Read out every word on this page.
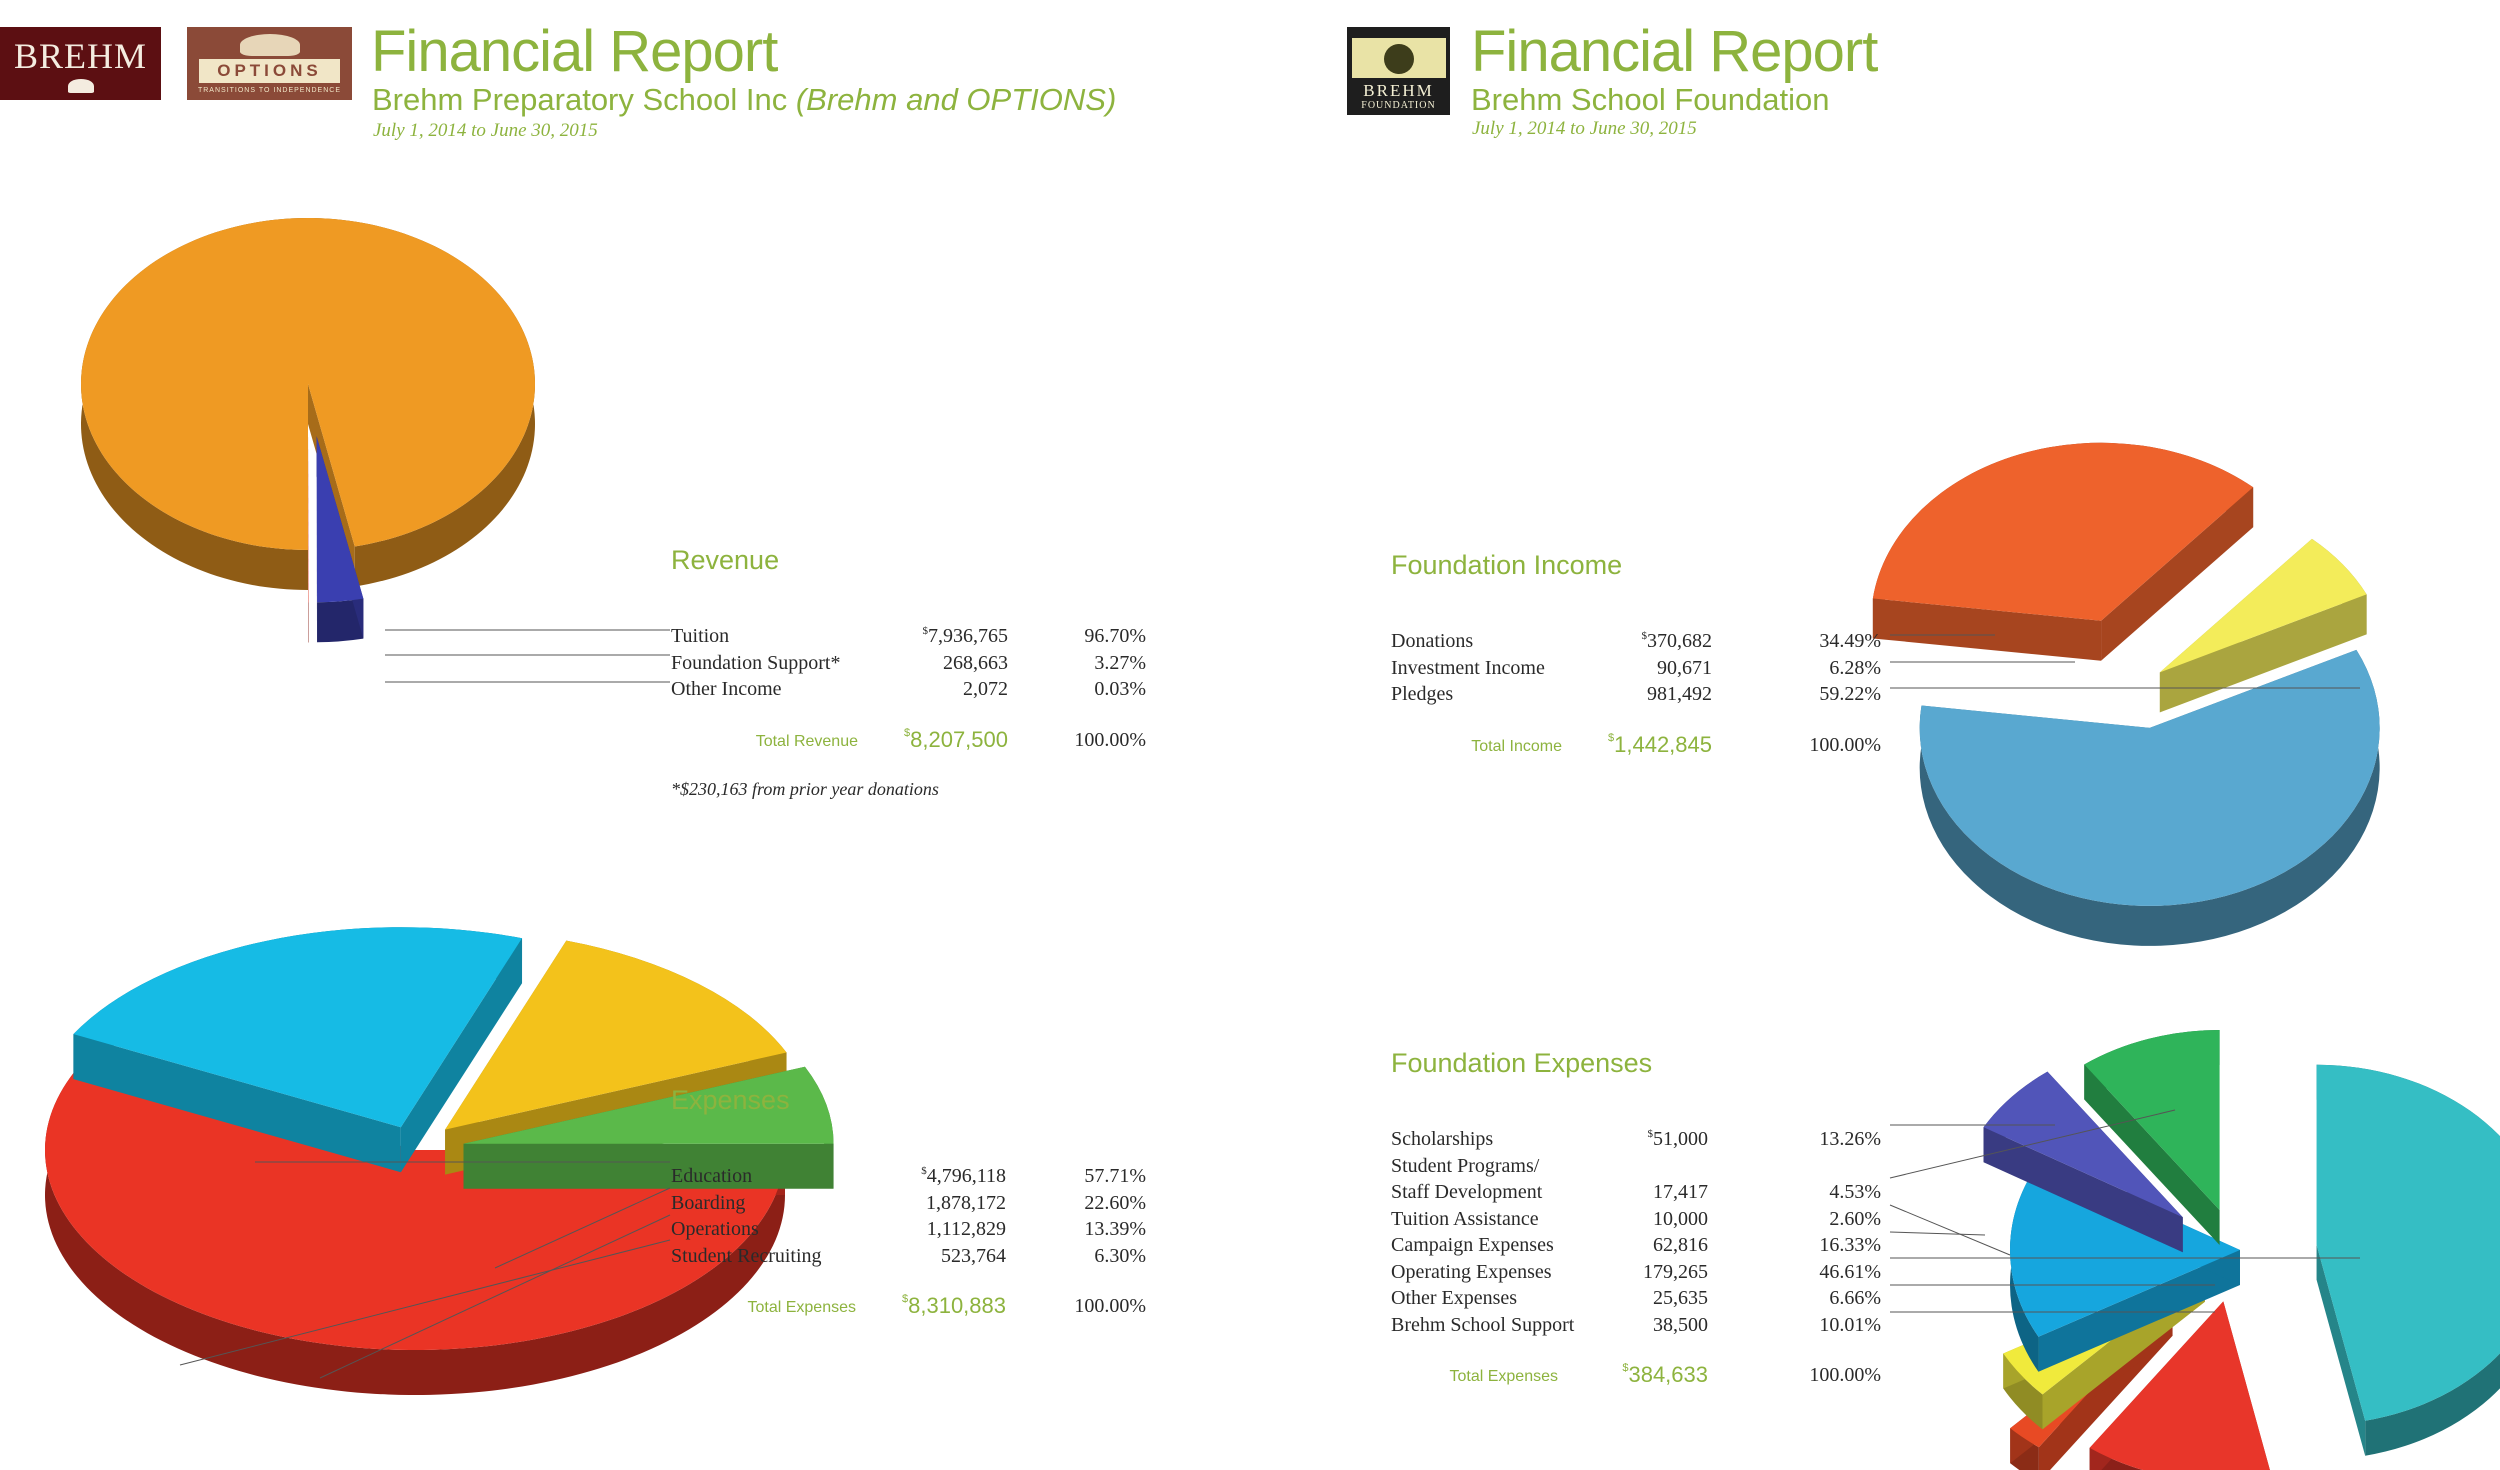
BREHM	OPTIONS
TRANSITIONS TO INDEPENDENCE	BREHM
FOUNDATION
Financial Report
Brehm Preparatory School Inc (Brehm and OPTIONS)
July 1, 2014 to June 30, 2015
Financial Report
Brehm School Foundation
July 1, 2014 to June 30, 2015
Revenue
Tuition	$7,936,765	96.70%
Foundation Support*	268,663	3.27%
Other Income	2,072	0.03%
Total Revenue	$8,207,500	100.00%
*$230,163 from prior year donations
Foundation Income
Donations	$370,682	34.49%
Investment Income	90,671	6.28%
Pledges	981,492	59.22%
Total Income	$1,442,845	100.00%
Expenses
Education	$4,796,118	57.71%
Boarding	1,878,172	22.60%
Operations	1,112,829	13.39%
Student Recruiting	523,764	6.30%
Total Expenses	$8,310,883	100.00%
Foundation Expenses
Scholarships	$51,000	13.26%
Student Programs/
Staff Development	17,417	4.53%
Tuition Assistance	10,000	2.60%
Campaign Expenses	62,816	16.33%
Operating Expenses	179,265	46.61%
Other Expenses	25,635	6.66%
Brehm School Support	38,500	10.01%
Total Expenses	$384,633	100.00%
